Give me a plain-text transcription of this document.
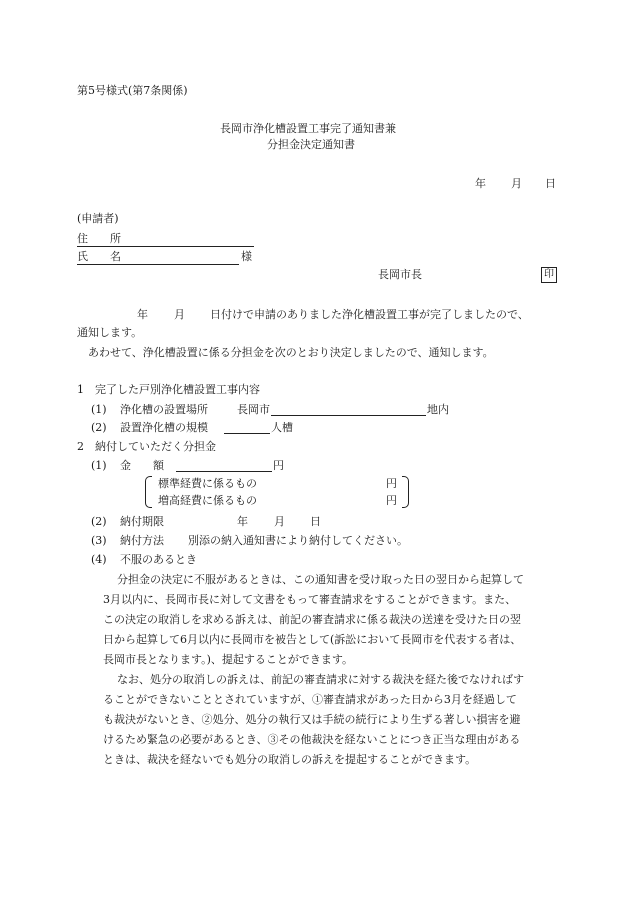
第5号様式(第7条関係)
長岡市浄化槽設置工事完了通知書兼
分担金決定通知書
年 月 日
(申請者)
住　　所
氏　　名	様
長岡市長	印
年 月 日付けで申請のありました浄化槽設置工事が完了しましたので、
通知します。
あわせて、浄化槽設置に係る分担金を次のとおり決定しましたので、通知します。
1　完了した戸別浄化槽設置工事内容
(1) 浄化槽の設置場所	長岡市	地内
(2) 設置浄化槽の規模	人槽
2　納付していただく分担金
(1) 金　　額	円
標準経費に係るもの	円
増高経費に係るもの	円
(2) 納付期限	年 月 日
(3) 納付方法 別添の納入通知書により納付してください。
(4) 不服のあるとき
分担金の決定に不服があるときは、この通知書を受け取った日の翌日から起算して
3月以内に、長岡市長に対して文書をもって審査請求をすることができます。また、
この決定の取消しを求める訴えは、前記の審査請求に係る裁決の送達を受けた日の翌
日から起算して6月以内に長岡市を被告として(訴訟において長岡市を代表する者は、
長岡市長となります。)、提起することができます。
なお、処分の取消しの訴えは、前記の審査請求に対する裁決を経た後でなければす
ることができないこととされていますが、①審査請求があった日から3月を経過して
も裁決がないとき、②処分、処分の執行又は手続の続行により生ずる著しい損害を避
けるため緊急の必要があるとき、③その他裁決を経ないことにつき正当な理由がある
ときは、裁決を経ないでも処分の取消しの訴えを提起することができます。
